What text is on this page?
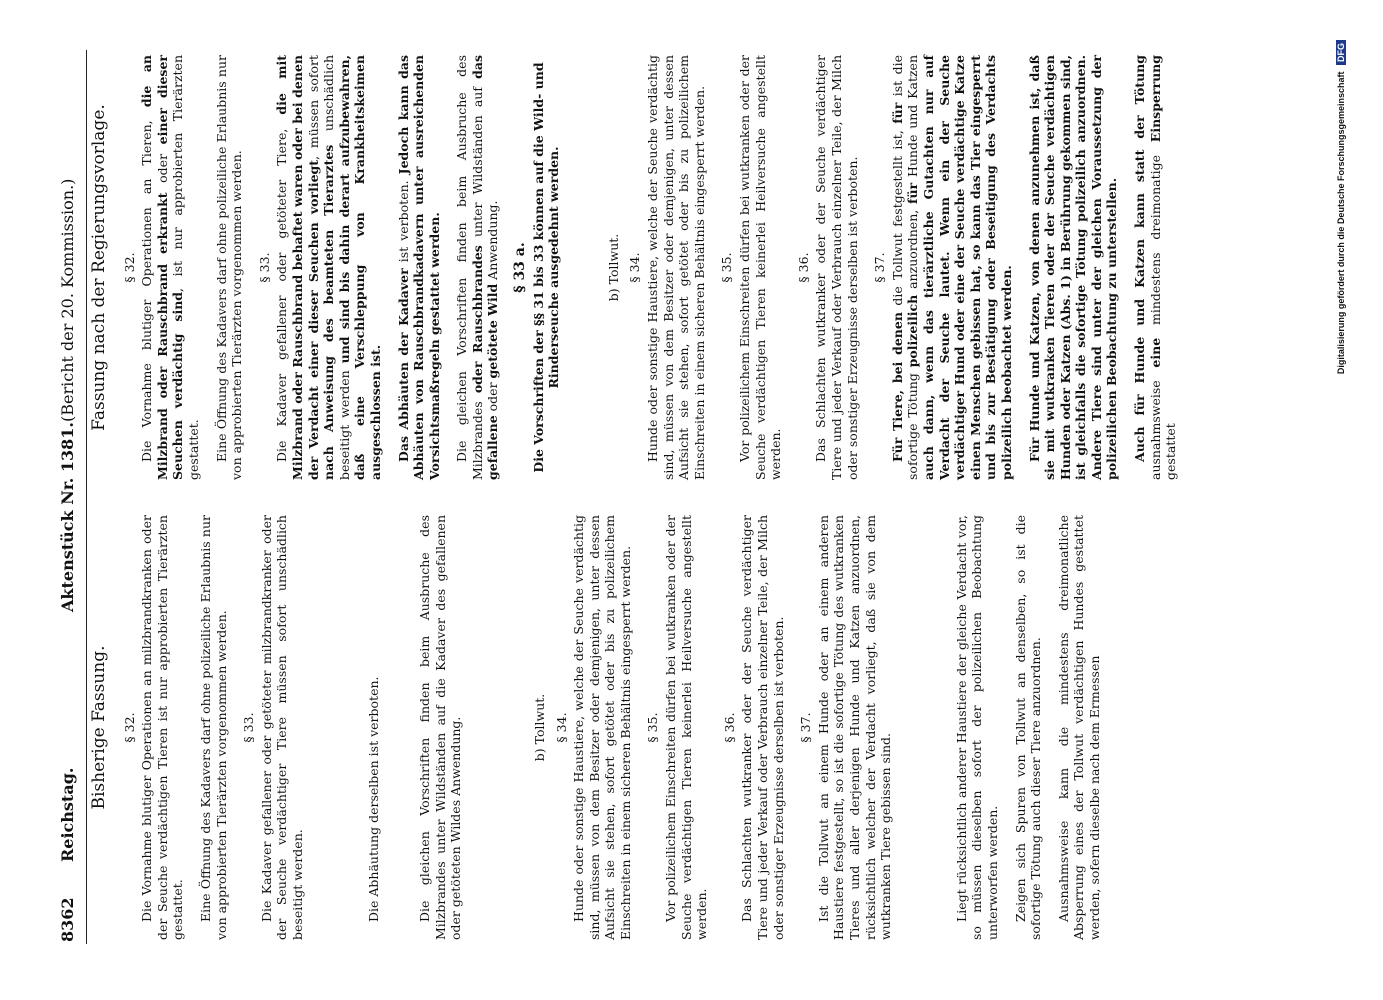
8362
Reichstag.
Aktenstück Nr. 1381.
(Bericht der 20. Kommission.)
Bisherige Fassung. § 32. Die Vornahme blutiger Operationen an milzbrandkranken oder der Seuche verdächtigen Tieren ist nur approbierten Tierärzten gestattet. Eine Öffnung des Kadavers darf ohne polizeiliche Erlaubnis nur von approbierten Tierärzten vorgenommen werden. § 33. Die Kadaver gefallener oder getöteter milzbrandkranker oder der Seuche verdächtiger Tiere müssen sofort unschädlich beseitigt werden.	Die Abhäutung derselben ist verboten.	Die gleichen Vorschriften finden beim Ausbruche des Milzbrandes unter Wildständen auf die Kadaver des gefallenen oder getöteten Wildes Anwendung.	b) Tollwut. § 34. Hunde oder sonstige Haustiere, welche der Seuche verdächtig sind, müssen von dem Besitzer oder demjenigen, unter dessen Aufsicht sie stehen, sofort getötet oder bis zu polizeilichem Einschreiten in einem sicheren Behältnis eingesperrt werden. § 35. Vor polizeilichem Einschreiten dürfen bei wutkranken oder der Seuche verdächtigen Tieren keinerlei Heilversuche angestellt werden.

§ 36. Das Schlachten wutkranker oder der Seuche verdächtiger Tiere und jeder Verkauf oder Verbrauch einzelner Teile, der Milch oder sonstiger Erzeugnisse derselben ist verboten. § 37. Ist die Tollwut an einem Hunde oder an einem anderen Haustiere festgestellt, so ist die sofortige Tötung des wutkranken Tieres und aller derjenigen Hunde und Katzen anzuordnen, rücksichtlich welcher der Verdacht vorliegt, daß sie von dem wutkranken Tiere gebissen sind.	Liegt rücksichtlich anderer Haustiere der gleiche Verdacht vor, so müssen dieselben sofort der polizeilichen Beobachtung unterworfen werden. Zeigen sich Spuren von Tollwut an denselben, so ist die sofortige Tötung auch dieser Tiere anzuordnen. Ausnahmsweise kann die mindestens dreimonatliche Absperrung eines der Tollwut verdächtigen Hundes gestattet werden, sofern dieselbe nach dem Ermessen

Fassung nach der Regierungsvorlage. § 32. Die Vornahme blutiger Operationen an Tieren, die an Milzbrand oder Rauschbrand erkrankt oder einer dieser Seuchen verdächtig sind, ist nur approbierten Tierärzten gestattet. Eine Öffnung des Kadavers darf ohne polizeiliche Erlaubnis nur von approbierten Tierärzten vorgenommen werden. § 33. Die Kadaver gefallener oder getöteter Tiere, die mit Milzbrand oder Rauschbrand behaftet waren oder bei denen der Verdacht einer dieser Seuchen vorliegt, müssen sofort nach Anweisung des beamteten Tierarztes unschädlich beseitigt werden und sind bis dahin derart aufzubewahren, daß eine Verschleppung von Krankheitskeimen ausgeschlossen ist. Das Abhäuten der Kadaver ist verboten. Jedoch kann das Abhäuten von Rauschbrandkadavern unter ausreichenden Vorsichtsmaßregeln gestattet werden. Die gleichen Vorschriften finden beim Ausbruche des Milzbrandes oder Rauschbrandes unter Wildständen auf das gefallene oder getötete Wild Anwendung. § 33 a. Die Vorschriften der §§ 31 bis 33 können auf die Wild- und Rinderseuche ausgedehnt werden.	b) Tollwut. § 34. Hunde oder sonstige Haustiere, welche der Seuche verdächtig sind, müssen von dem Besitzer oder demjenigen, unter dessen Aufsicht sie stehen, sofort getötet oder bis zu polizeilichem Einschreiten in einem sicheren Behältnis eingesperrt werden. § 35. Vor polizeilichem Einschreiten dürfen bei wutkranken oder der Seuche verdächtigen Tieren keinerlei Heilversuche angestellt werden.

§ 36. Das Schlachten wutkranker oder der Seuche verdächtiger Tiere und jeder Verkauf oder Verbrauch einzelner Teile, der Milch oder sonstiger Erzeugnisse derselben ist verboten. § 37.

Für Tiere, bei denen die Tollwut festgestellt ist, für ist die sofortige Tötung polizeilich anzuordnen, für Hunde und Katzen auch dann, wenn das tierärztliche Gutachten nur auf Verdacht der Seuche lautet. Wenn ein der Seuche verdächtiger Hund oder eine der Seuche verdächtige Katze einen Menschen gebissen hat, so kann das Tier eingesperrt und bis zur Bestätigung oder Beseitigung des Verdachts polizeilich beobachtet werden. Für Hunde und Katzen, von denen anzunehmen ist, daß sie mit wutkranken Tieren oder der Seuche verdächtigen Hunden oder Katzen (Abs. 1) in Berührung gekommen sind, ist gleichfalls die sofortige Tötung polizeilich anzuordnen. Andere Tiere sind unter der gleichen Voraussetzung der polizeilichen Beobachtung zu unterstellen. Auch für Hunde und Katzen kann statt der Tötung ausnahmsweise eine mindestens dreimonatige Einsperrung gestattet

Digitalisierung gefördert durch die Deutsche Forschungsgemeinschaft DFG
